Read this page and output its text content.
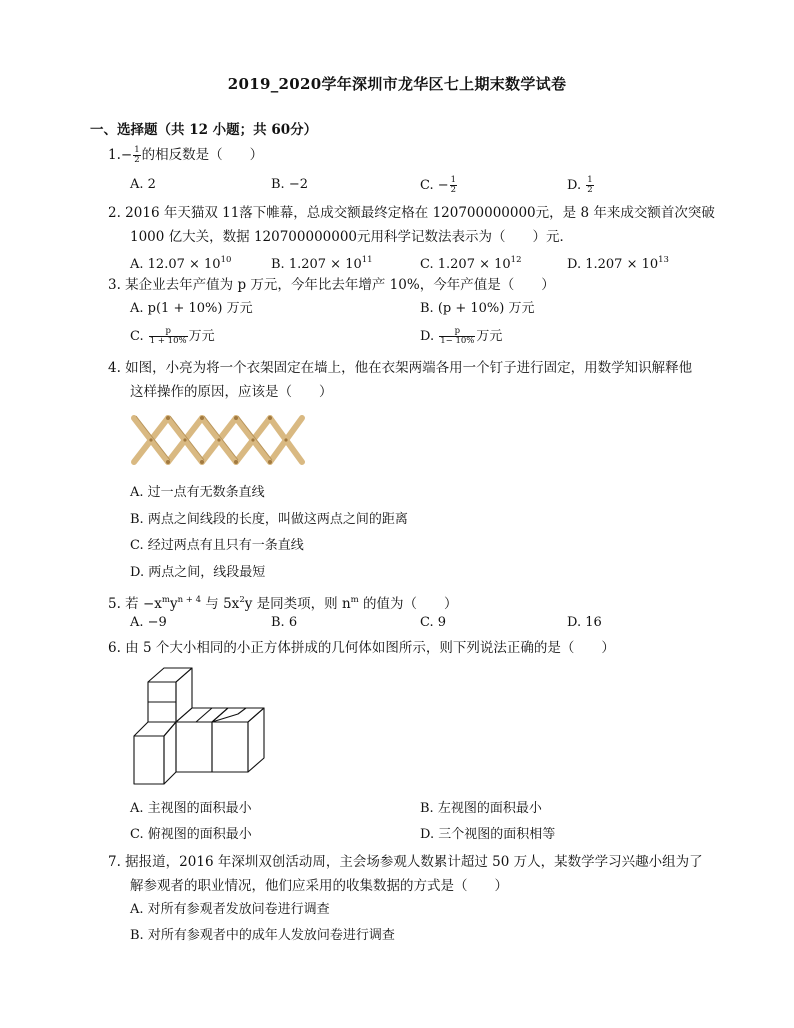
2019_2020学年深圳市龙华区七上期末数学试卷
一、选择题（共 12 小题；共 60分）
$1.- \frac{1}{2}$ 的相反数是（　　）
A. 2	B. −2	C. − $\frac{1}{2}$	D. $\frac{1}{2}$
2. 2016 年天猫双 11落下帷幕，总成交额最终定格在 120700000000元，是 8 年来成交额首次突破
1000 亿大关，数据 120700000000元用科学记数法表示为（　　）元．
A. $12.07 \times 10^{10}$	B. $1.207 \times 10^{11}$	C. $1.207 \times 10^{12}$	D. $1.207 \times 10^{13}$
3. 某企业去年产值为 p 万元，今年比去年增产 10%，今年产值是（　　）
A. p(1 + 10%) 万元	B. (p + 10%) 万元
C. $\frac{p}{1 + 10\%}$ 万元	D. $\frac{p}{1- 10\%}$ 万元
4. 如图，小亮为将一个衣架固定在墙上，他在衣架两端各用一个钉子进行固定，用数学知识解释他
这样操作的原因，应该是（　　）
A. 过一点有无数条直线
B. 两点之间线段的长度，叫做这两点之间的距离
C. 经过两点有且只有一条直线
D. 两点之间，线段最短
5. 若 $-x^my^{n + 4}$ 与 $5x^2y$ 是同类项，则 $n^m$ 的值为（　　）
A. −9	B. 6	C. 9	D. 16
6. 由 5 个大小相同的小正方体拼成的几何体如图所示，则下列说法正确的是（　　）
A. 主视图的面积最小	B. 左视图的面积最小
C. 俯视图的面积最小	D. 三个视图的面积相等
7. 据报道，2016 年深圳双创活动周，主会场参观人数累计超过 50 万人，某数学学习兴趣小组为了
解参观者的职业情况，他们应采用的收集数据的方式是（　　）
A. 对所有参观者发放问卷进行调查
B. 对所有参观者中的成年人发放问卷进行调查
